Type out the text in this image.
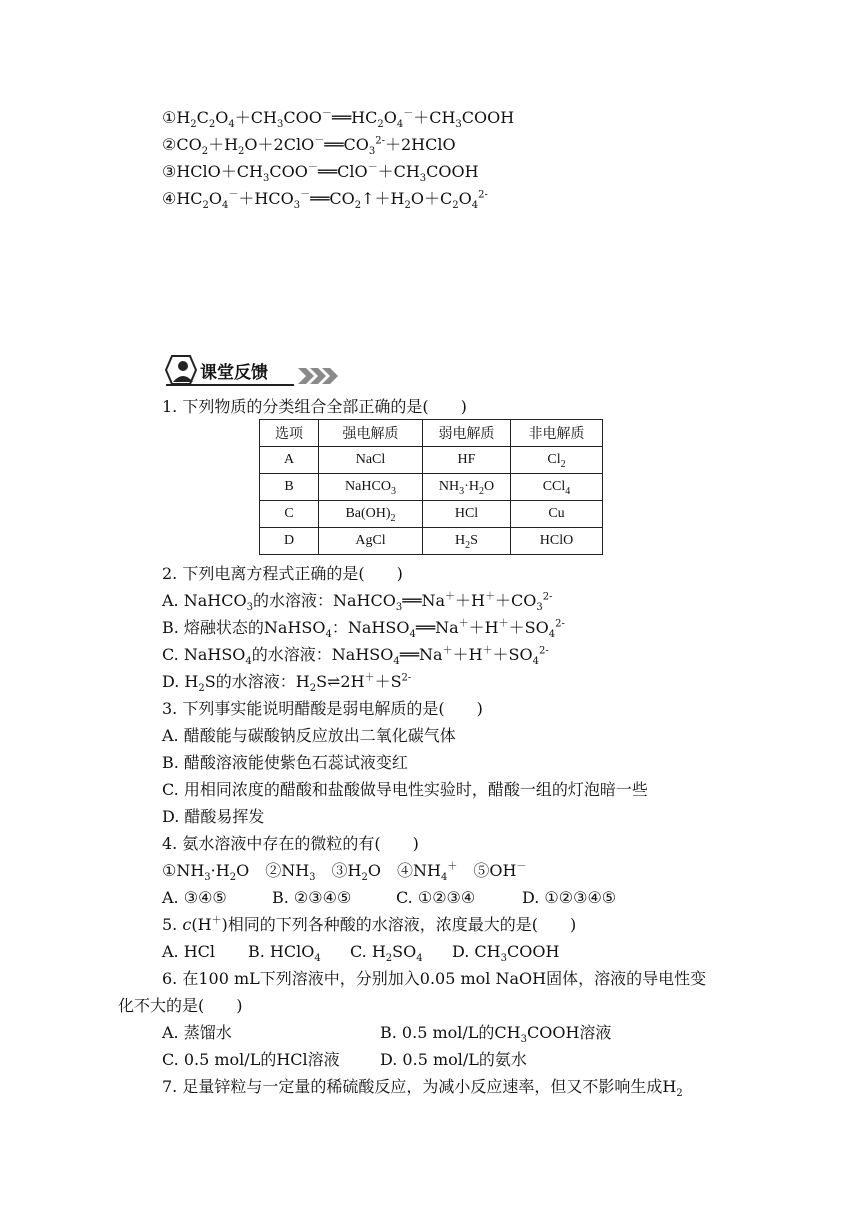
$①H_2C_2O_4+CH_3COO^-══HC_2O_4^-+CH_3COOH$
$②CO_2+H_2O+2ClO^-══CO_3^{2-}+2HClO$
$③HClO+CH_3COO^-══ClO^-+CH_3COOH$
$④HC_2O_4^-+HCO_3^-══CO_2↑+H_2O+C_2O_4^{2-}$
课堂反馈
1. 下列物质的分类组合全部正确的是(　　)
选项	强电解质	弱电解质	非电解质
A	NaCl	HF	$Cl_2$
B	NaHCO$_3$	$NH_3\cdot H_2O$	CCl$_4$
C	$Ba(OH)_2$	HCl	Cu
D	AgCl	$H_2S$	HClO
2. 下列电离方程式正确的是(　　)
A. NaHCO$_3$的水溶液：$NaHCO_3══Na^++H^++CO_3^{2-}$
B. 熔融状态的NaHSO$_4$：$NaHSO_4══Na^++H^++SO_4^{2-}$
C. NaHSO$_4$的水溶液：$NaHSO_4══Na^++H^++SO_4^{2-}$
D. $H_2S$的水溶液：$H_2S\rightleftharpoons 2H^++S^{2-}$
3. 下列事实能说明醋酸是弱电解质的是(　　)
A. 醋酸能与碳酸钠反应放出二氧化碳气体
B. 醋酸溶液能使紫色石蕊试液变红
C. 用相同浓度的醋酸和盐酸做导电性实验时，醋酸一组的灯泡暗一些
D. 醋酸易挥发
4. 氨水溶液中存在的微粒的有(　　)
$①NH_3\cdot H_2O$　$②NH_3$　$③H_2O$　$④NH_4^+$　⑤OH－
A. ③④⑤	B. ②③④⑤	C. ①②③④	D. ①②③④⑤
5. c(H＋)相同的下列各种酸的水溶液，浓度最大的是(　　)
A. HCl B. HClO$_4$ C. $H_2SO_4$ D. $CH_3COOH$
6. 在100 mL下列溶液中，分别加入0.05 mol NaOH固体，溶液的导电性变
化不大的是(　　)
A. 蒸馏水	B. 0.5 mol/L的$CH_3COOH$溶液
C. 0.5 mol/L的HCl溶液	D. 0.5 mol/L的氨水
7. 足量锌粒与一定量的稀硫酸反应，为减小反应速率，但又不影响生成$H_2$
